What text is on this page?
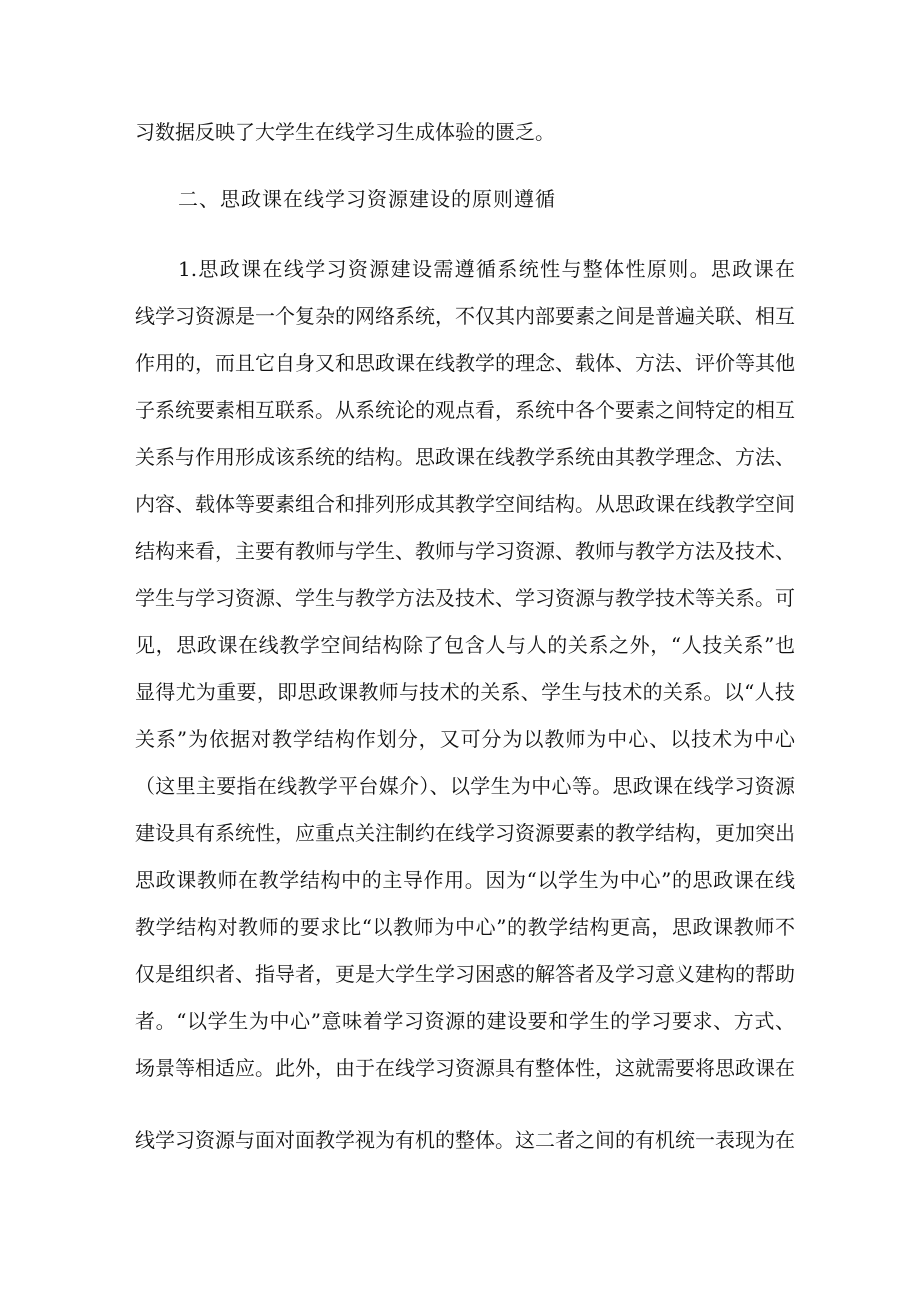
习数据反映了大学生在线学习生成体验的匮乏。
二、思政课在线学习资源建设的原则遵循
1.思政课在线学习资源建设需遵循系统性与整体性原则。思政课在
线学习资源是一个复杂的网络系统，不仅其内部要素之间是普遍关联、相互
作用的，而且它自身又和思政课在线教学的理念、载体、方法、评价等其他
子系统要素相互联系。从系统论的观点看，系统中各个要素之间特定的相互
关系与作用形成该系统的结构。思政课在线教学系统由其教学理念、方法、
内容、载体等要素组合和排列形成其教学空间结构。从思政课在线教学空间
结构来看，主要有教师与学生、教师与学习资源、教师与教学方法及技术、
学生与学习资源、学生与教学方法及技术、学习资源与教学技术等关系。可
见，思政课在线教学空间结构除了包含人与人的关系之外，“人技关系”也
显得尤为重要，即思政课教师与技术的关系、学生与技术的关系。以“人技
关系”为依据对教学结构作划分，又可分为以教师为中心、以技术为中心
（这里主要指在线教学平台媒介）、以学生为中心等。思政课在线学习资源
建设具有系统性，应重点关注制约在线学习资源要素的教学结构，更加突出
思政课教师在教学结构中的主导作用。因为“以学生为中心”的思政课在线
教学结构对教师的要求比“以教师为中心”的教学结构更高，思政课教师不
仅是组织者、指导者，更是大学生学习困惑的解答者及学习意义建构的帮助
者。“以学生为中心”意味着学习资源的建设要和学生的学习要求、方式、
场景等相适应。此外，由于在线学习资源具有整体性，这就需要将思政课在
线学习资源与面对面教学视为有机的整体。这二者之间的有机统一表现为在
